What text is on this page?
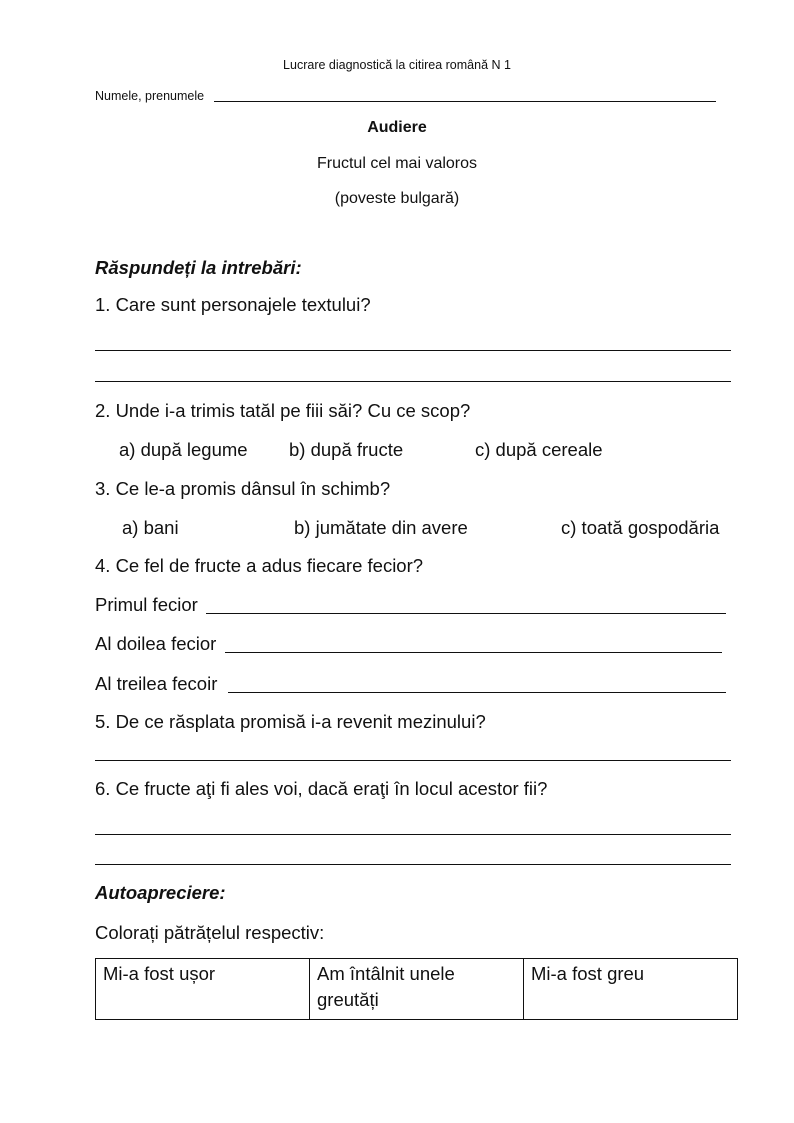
Lucrare diagnostică la citirea română N 1
Numele, prenumele
Audiere
Fructul cel mai valoros
(poveste bulgară)
Răspundeți la intrebări:
1. Care sunt personajele textului?
2. Unde i-a trimis tatăl pe fiii săi? Cu ce scop?
a) după legume b) după fructe	c) după cereale
3. Ce le-a promis dânsul în schimb?
a) bani	b) jumătate din avere	c) toată gospodăria
4. Ce fel de fructe a adus fiecare fecior?
Primul fecior
Al doilea fecior
Al treilea fecoir
5. De ce răsplata promisă i-a revenit mezinului?
6. Ce fructe aţi fi ales voi, dacă eraţi în locul acestor fii?
Autoapreciere:
Colorați pătrățelul respectiv:
Mi-a fost ușor	Am întâlnit unele greutăți	Mi-a fost greu
